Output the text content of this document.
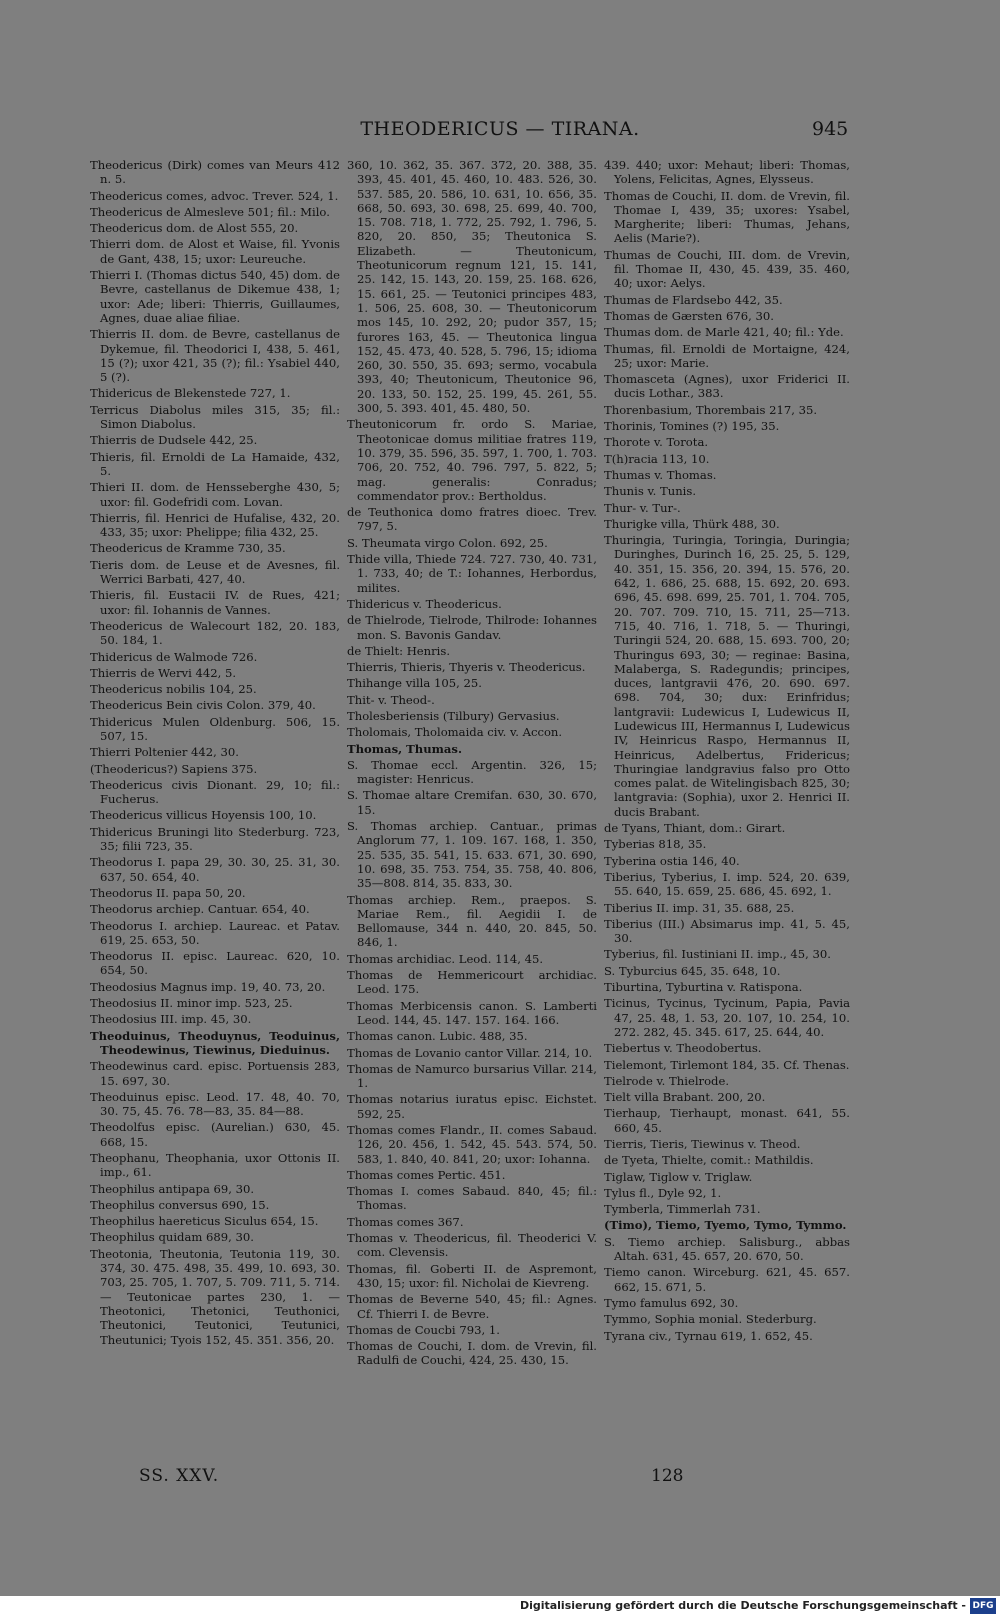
THEODERICUS — TIRANA.	945
Theodericus (Dirk) comes van Meurs 412 n. 5.
Theodericus comes, advoc. Trever. 524, 1.
Theodericus de Almesleve 501; fil.: Milo.
Theodericus dom. de Alost 555, 20.
Thierri dom. de Alost et Waise, fil. Yvonis de Gant, 438, 15; uxor: Leureuche.
Thierri I. (Thomas dictus 540, 45) dom. de Bevre, castellanus de Dikemue 438, 1; uxor: Ade; liberi: Thierris, Guillaumes, Agnes, duae aliae filiae.
Thierris II. dom. de Bevre, castellanus de Dykemue, fil. Theodorici I, 438, 5. 461, 15 (?); uxor 421, 35 (?); fil.: Ysabiel 440, 5 (?).
Thidericus de Blekenstede 727, 1.
Terricus Diabolus miles 315, 35; fil.: Simon Diabolus.
Thierris de Dudsele 442, 25.
Thieris, fil. Ernoldi de La Hamaide, 432, 5.
Thieri II. dom. de Hensseberghe 430, 5; uxor: fil. Godefridi com. Lovan.
Thierris, fil. Henrici de Hufalise, 432, 20. 433, 35; uxor: Phelippe; filia 432, 25.
Theodericus de Kramme 730, 35.
Tieris dom. de Leuse et de Avesnes, fil. Werrici Barbati, 427, 40.
Thieris, fil. Eustacii IV. de Rues, 421; uxor: fil. Iohannis de Vannes.
Theodericus de Walecourt 182, 20. 183, 50. 184, 1.
Thidericus de Walmode 726.
Thierris de Wervi 442, 5.
Theodericus nobilis 104, 25.
Theodericus Bein civis Colon. 379, 40.
Thidericus Mulen Oldenburg. 506, 15. 507, 15.
Thierri Poltenier 442, 30.
(Theodericus?) Sapiens 375.
Theodericus civis Dionant. 29, 10; fil.: Fucherus.
Theodericus villicus Hoyensis 100, 10.
Thidericus Bruningi lito Stederburg. 723, 35; filii 723, 35.
Theodorus I. papa 29, 30. 30, 25. 31, 30. 637, 50. 654, 40.
Theodorus II. papa 50, 20.
Theodorus archiep. Cantuar. 654, 40.
Theodorus I. archiep. Laureac. et Patav. 619, 25. 653, 50.
Theodorus II. episc. Laureac. 620, 10. 654, 50.
Theodosius Magnus imp. 19, 40. 73, 20.
Theodosius II. minor imp. 523, 25.
Theodosius III. imp. 45, 30.
Theoduinus, Theoduynus, Teoduinus, Theodewinus, Tiewinus, Dieduinus.
Theodewinus card. episc. Portuensis 283, 15. 697, 30.
Theoduinus episc. Leod. 17. 48, 40. 70, 30. 75, 45. 76. 78—83, 35. 84—88.
Theodolfus episc. (Aurelian.) 630, 45. 668, 15.
Theophanu, Theophania, uxor Ottonis II. imp., 61.
Theophilus antipapa 69, 30.
Theophilus conversus 690, 15.
Theophilus haereticus Siculus 654, 15.
Theophilus quidam 689, 30.
Theotonia, Theutonia, Teutonia 119, 30. 374, 30. 475. 498, 35. 499, 10. 693, 30. 703, 25. 705, 1. 707, 5. 709. 711, 5. 714. — Teutonicae partes 230, 1. — Theotonici, Thetonici, Teuthonici, Theutonici, Teutonici, Teutunici, Theutunici; Tyois 152, 45. 351. 356, 20.
360, 10. 362, 35. 367. 372, 20. 388, 35. 393, 45. 401, 45. 460, 10. 483. 526, 30. 537. 585, 20. 586, 10. 631, 10. 656, 35. 668, 50. 693, 30. 698, 25. 699, 40. 700, 15. 708. 718, 1. 772, 25. 792, 1. 796, 5. 820, 20. 850, 35; Theutonica S. Elizabeth. — Theutonicum, Theotunicorum regnum 121, 15. 141, 25. 142, 15. 143, 20. 159, 25. 168. 626, 15. 661, 25. — Teutonici principes 483, 1. 506, 25. 608, 30. — Theutonicorum mos 145, 10. 292, 20; pudor 357, 15; furores 163, 45. — Theutonica lingua 152, 45. 473, 40. 528, 5. 796, 15; idioma 260, 30. 550, 35. 693; sermo, vocabula 393, 40; Theutonicum, Theutonice 96, 20. 133, 50. 152, 25. 199, 45. 261, 55. 300, 5. 393. 401, 45. 480, 50.
Theutonicorum fr. ordo S. Mariae, Theotonicae domus militiae fratres 119, 10. 379, 35. 596, 35. 597, 1. 700, 1. 703. 706, 20. 752, 40. 796. 797, 5. 822, 5; mag. generalis: Conradus; commendator prov.: Bertholdus.
de Teuthonica domo fratres dioec. Trev. 797, 5.
S. Theumata virgo Colon. 692, 25.
Thide villa, Thiede 724. 727. 730, 40. 731, 1. 733, 40; de T.: Iohannes, Herbordus, milites.
Thidericus v. Theodericus.
de Thielrode, Tielrode, Thilrode: Iohannes mon. S. Bavonis Gandav.
de Thielt: Henris.
Thierris, Thieris, Thyeris v. Theodericus.
Thihange villa 105, 25.
Thit- v. Theod-.
Tholesberiensis (Tilbury) Gervasius.
Tholomais, Tholomaida civ. v. Accon.
Thomas, Thumas.
S. Thomae eccl. Argentin. 326, 15; magister: Henricus.
S. Thomae altare Cremifan. 630, 30. 670, 15.
S. Thomas archiep. Cantuar., primas Anglorum 77, 1. 109. 167. 168, 1. 350, 25. 535, 35. 541, 15. 633. 671, 30. 690, 10. 698, 35. 753. 754, 35. 758, 40. 806, 35—808. 814, 35. 833, 30.
Thomas archiep. Rem., praepos. S. Mariae Rem., fil. Aegidii I. de Bellomause, 344 n. 440, 20. 845, 50. 846, 1.
Thomas archidiac. Leod. 114, 45.
Thomas de Hemmericourt archidiac. Leod. 175.
Thomas Merbicensis canon. S. Lamberti Leod. 144, 45. 147. 157. 164. 166.
Thomas canon. Lubic. 488, 35.
Thomas de Lovanio cantor Villar. 214, 10.
Thomas de Namurco bursarius Villar. 214, 1.
Thomas notarius iuratus episc. Eichstet. 592, 25.
Thomas comes Flandr., II. comes Sabaud. 126, 20. 456, 1. 542, 45. 543. 574, 50. 583, 1. 840, 40. 841, 20; uxor: Iohanna.
Thomas comes Pertic. 451.
Thomas I. comes Sabaud. 840, 45; fil.: Thomas.
Thomas comes 367.
Thomas v. Theodericus, fil. Theoderici V. com. Clevensis.
Thomas, fil. Goberti II. de Aspremont, 430, 15; uxor: fil. Nicholai de Kievreng.
Thomas de Beverne 540, 45; fil.: Agnes. Cf. Thierri I. de Bevre.
Thomas de Coucbi 793, 1.
Thomas de Couchi, I. dom. de Vrevin, fil. Radulfi de Couchi, 424, 25. 430, 15.
439. 440; uxor: Mehaut; liberi: Thomas, Yolens, Felicitas, Agnes, Elysseus.
Thomas de Couchi, II. dom. de Vrevin, fil. Thomae I, 439, 35; uxores: Ysabel, Margherite; liberi: Thumas, Jehans, Aelis (Marie?).
Thumas de Couchi, III. dom. de Vrevin, fil. Thomae II, 430, 45. 439, 35. 460, 40; uxor: Aelys.
Thumas de Flardsebo 442, 35.
Thomas de Gærsten 676, 30.
Thumas dom. de Marle 421, 40; fil.: Yde.
Thumas, fil. Ernoldi de Mortaigne, 424, 25; uxor: Marie.
Thomasceta (Agnes), uxor Friderici II. ducis Lothar., 383.
Thorenbasium, Thorembais 217, 35.
Thorinis, Tomines (?) 195, 35.
Thorote v. Torota.
T(h)racia 113, 10.
Thumas v. Thomas.
Thunis v. Tunis.
Thur- v. Tur-.
Thurigke villa, Thürk 488, 30.
Thuringia, Turingia, Toringia, Duringia; Duringhes, Durinch 16, 25. 25, 5. 129, 40. 351, 15. 356, 20. 394, 15. 576, 20. 642, 1. 686, 25. 688, 15. 692, 20. 693. 696, 45. 698. 699, 25. 701, 1. 704. 705, 20. 707. 709. 710, 15. 711, 25—713. 715, 40. 716, 1. 718, 5. — Thuringi, Turingii 524, 20. 688, 15. 693. 700, 20; Thuringus 693, 30; — reginae: Basina, Malaberga, S. Radegundis; principes, duces, lantgravii 476, 20. 690. 697. 698. 704, 30; dux: Erinfridus; lantgravii: Ludewicus I, Ludewicus II, Ludewicus III, Hermannus I, Ludewicus IV, Heinricus Raspo, Hermannus II, Heinricus, Adelbertus, Fridericus; Thuringiae landgravius falso pro Otto comes palat. de Witelingisbach 825, 30; lantgravia: (Sophia), uxor 2. Henrici II. ducis Brabant.
de Tyans, Thiant, dom.: Girart.
Tyberias 818, 35.
Tyberina ostia 146, 40.
Tiberius, Tyberius, I. imp. 524, 20. 639, 55. 640, 15. 659, 25. 686, 45. 692, 1.
Tiberius II. imp. 31, 35. 688, 25.
Tiberius (III.) Absimarus imp. 41, 5. 45, 30.
Tyberius, fil. Iustiniani II. imp., 45, 30.
S. Tyburcius 645, 35. 648, 10.
Tiburtina, Tyburtina v. Ratispona.
Ticinus, Tycinus, Tycinum, Papia, Pavia 47, 25. 48, 1. 53, 20. 107, 10. 254, 10. 272. 282, 45. 345. 617, 25. 644, 40.
Tiebertus v. Theodobertus.
Tielemont, Tirlemont 184, 35. Cf. Thenas.
Tielrode v. Thielrode.
Tielt villa Brabant. 200, 20.
Tierhaup, Tierhaupt, monast. 641, 55. 660, 45.
Tierris, Tieris, Tiewinus v. Theod.
de Tyeta, Thielte, comit.: Mathildis.
Tiglaw, Tiglow v. Triglaw.
Tylus fl., Dyle 92, 1.
Tymberla, Timmerlah 731.
(Timo), Tiemo, Tyemo, Tymo, Tymmo.
S. Tiemo archiep. Salisburg., abbas Altah. 631, 45. 657, 20. 670, 50.
Tiemo canon. Wirceburg. 621, 45. 657. 662, 15. 671, 5.
Tymo famulus 692, 30.
Tymmo, Sophia monial. Stederburg.
Tyrana civ., Tyrnau 619, 1. 652, 45.
SS. XXV.	128
Digitalisierung gefördert durch die Deutsche Forschungsgemeinschaft - DFG
